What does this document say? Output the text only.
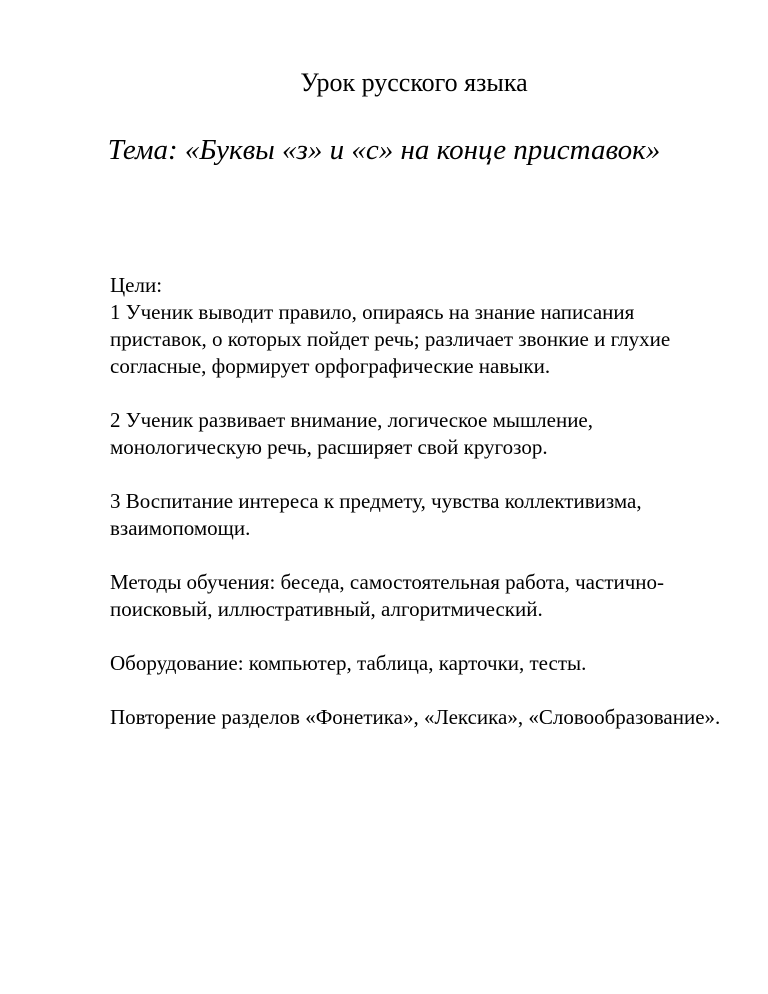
Урок русского языка
Тема: «Буквы «з» и «с» на конце приставок»

Цели:

1 Ученик выводит правило, опираясь на знание написания приставок, о которых пойдет речь; различает звонкие и глухие согласные, формирует орфографические навыки.

2 Ученик развивает внимание, логическое мышление, монологическую речь, расширяет свой кругозор.

3 Воспитание интереса к предмету, чувства коллективизма, взаимопомощи.

Методы обучения: беседа, самостоятельная работа, частично-поисковый, иллюстративный, алгоритмический.

Оборудование: компьютер, таблица, карточки, тесты.

Повторение разделов «Фонетика», «Лексика», «Словообразование».
